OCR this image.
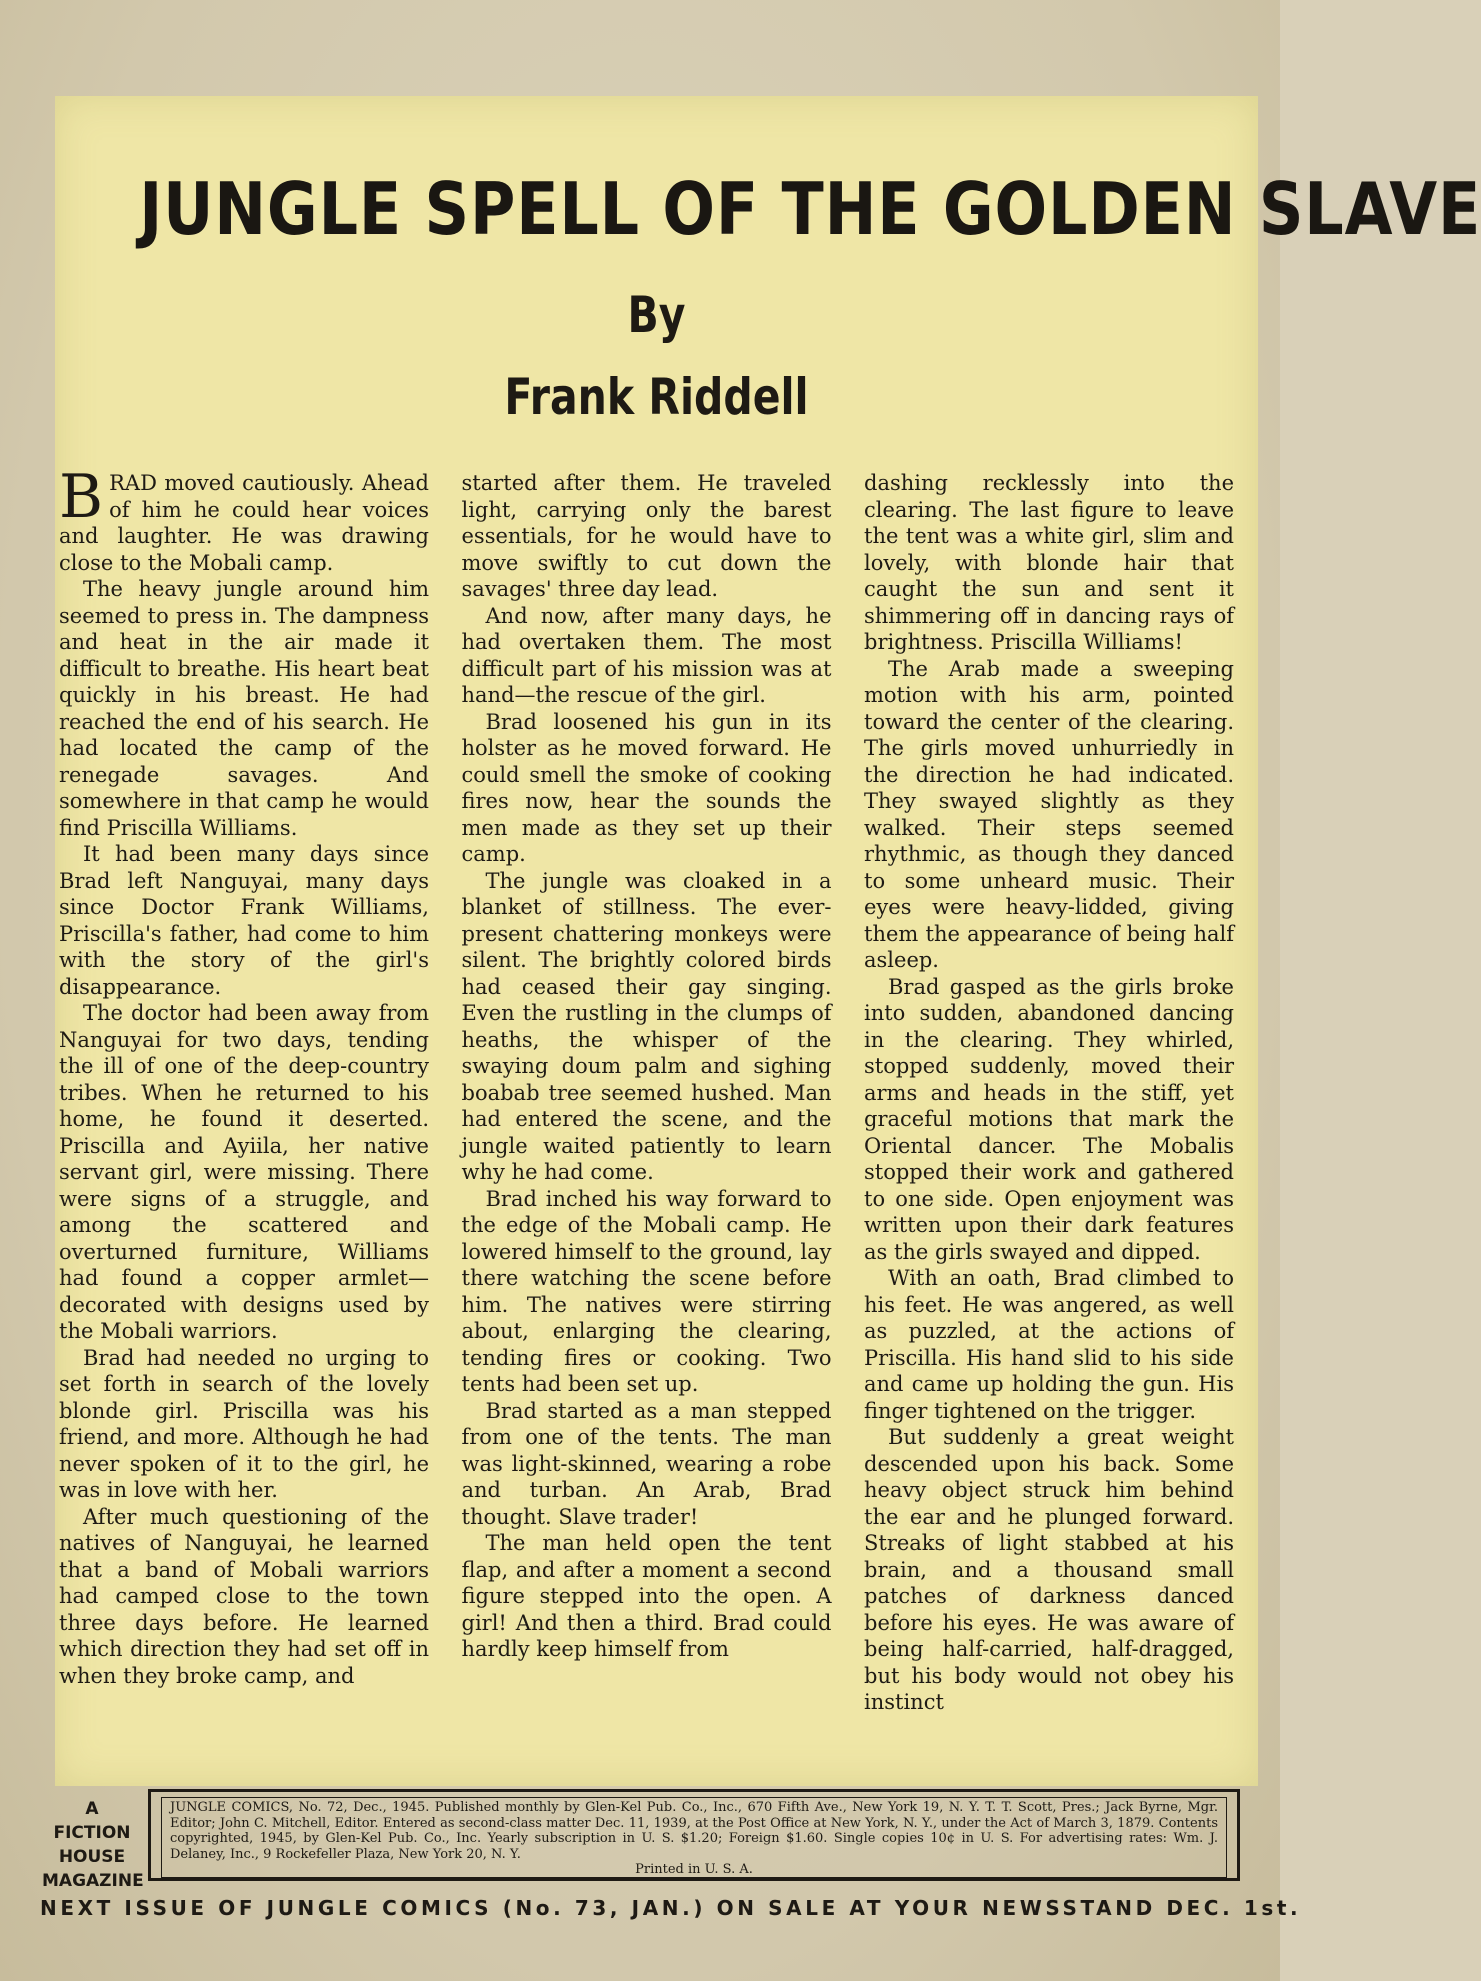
JUNGLE SPELL OF THE GOLDEN SLAVE
By
Frank Riddell

BRAD moved cautiously. Ahead of him he could hear voices and laughter. He was drawing close to the Mobali camp.

The heavy jungle around him seemed to press in. The dampness and heat in the air made it difficult to breathe. His heart beat quickly in his breast. He had reached the end of his search. He had located the camp of the renegade savages. And somewhere in that camp he would find Priscilla Williams.

It had been many days since Brad left Nanguyai, many days since Doctor Frank Williams, Priscilla's father, had come to him with the story of the girl's disappearance.

The doctor had been away from Nanguyai for two days, tending the ill of one of the deep-country tribes. When he returned to his home, he found it deserted. Priscilla and Ayiila, her native servant girl, were missing. There were signs of a struggle, and among the scattered and overturned furniture, Williams had found a copper armlet—decorated with designs used by the Mobali warriors.

Brad had needed no urging to set forth in search of the lovely blonde girl. Priscilla was his friend, and more. Although he had never spoken of it to the girl, he was in love with her.

After much questioning of the natives of Nanguyai, he learned that a band of Mobali warriors had camped close to the town three days before. He learned which direction they had set off in when they broke camp, and

started after them. He traveled light, carrying only the barest essentials, for he would have to move swiftly to cut down the savages' three day lead.

And now, after many days, he had overtaken them. The most difficult part of his mission was at hand—the rescue of the girl.

Brad loosened his gun in its holster as he moved forward. He could smell the smoke of cooking fires now, hear the sounds the men made as they set up their camp.

The jungle was cloaked in a blanket of stillness. The ever-present chattering monkeys were silent. The brightly colored birds had ceased their gay singing. Even the rustling in the clumps of heaths, the whisper of the swaying doum palm and sighing boabab tree seemed hushed. Man had entered the scene, and the jungle waited patiently to learn why he had come.

Brad inched his way forward to the edge of the Mobali camp. He lowered himself to the ground, lay there watching the scene before him. The natives were stirring about, enlarging the clearing, tending fires or cooking. Two tents had been set up.

Brad started as a man stepped from one of the tents. The man was light-skinned, wearing a robe and turban. An Arab, Brad thought. Slave trader!

The man held open the tent flap, and after a moment a second figure stepped into the open. A girl! And then a third. Brad could hardly keep himself from

dashing recklessly into the clearing. The last figure to leave the tent was a white girl, slim and lovely, with blonde hair that caught the sun and sent it shimmering off in dancing rays of brightness. Priscilla Williams!

The Arab made a sweeping motion with his arm, pointed toward the center of the clearing. The girls moved unhurriedly in the direction he had indicated. They swayed slightly as they walked. Their steps seemed rhythmic, as though they danced to some unheard music. Their eyes were heavy-lidded, giving them the appearance of being half asleep.

Brad gasped as the girls broke into sudden, abandoned dancing in the clearing. They whirled, stopped suddenly, moved their arms and heads in the stiff, yet graceful motions that mark the Oriental dancer. The Mobalis stopped their work and gathered to one side. Open enjoyment was written upon their dark features as the girls swayed and dipped.

With an oath, Brad climbed to his feet. He was angered, as well as puzzled, at the actions of Priscilla. His hand slid to his side and came up holding the gun. His finger tightened on the trigger.

But suddenly a great weight descended upon his back. Some heavy object struck him behind the ear and he plunged forward. Streaks of light stabbed at his brain, and a thousand small patches of darkness danced before his eyes. He was aware of being half-carried, half-dragged, but his body would not obey his instinct

A
FICTION
HOUSE
MAGAZINE
JUNGLE COMICS, No. 72, Dec., 1945. Published monthly by Glen-Kel Pub. Co., Inc., 670 Fifth Ave., New York 19, N. Y. T. T. Scott, Pres.; Jack Byrne, Mgr. Editor; John C. Mitchell, Editor. Entered as second-class matter Dec. 11, 1939, at the Post Office at New York, N. Y., under the Act of March 3, 1879. Contents copyrighted, 1945, by Glen-Kel Pub. Co., Inc. Yearly subscription in U. S. $1.20; Foreign $1.60. Single copies 10¢ in U. S. For advertising rates: Wm. J. Delaney, Inc., 9 Rockefeller Plaza, New York 20, N. Y.
Printed in U. S. A.
NEXT ISSUE OF JUNGLE COMICS (No. 73, JAN.) ON SALE AT YOUR NEWSSTAND DEC. 1st.
